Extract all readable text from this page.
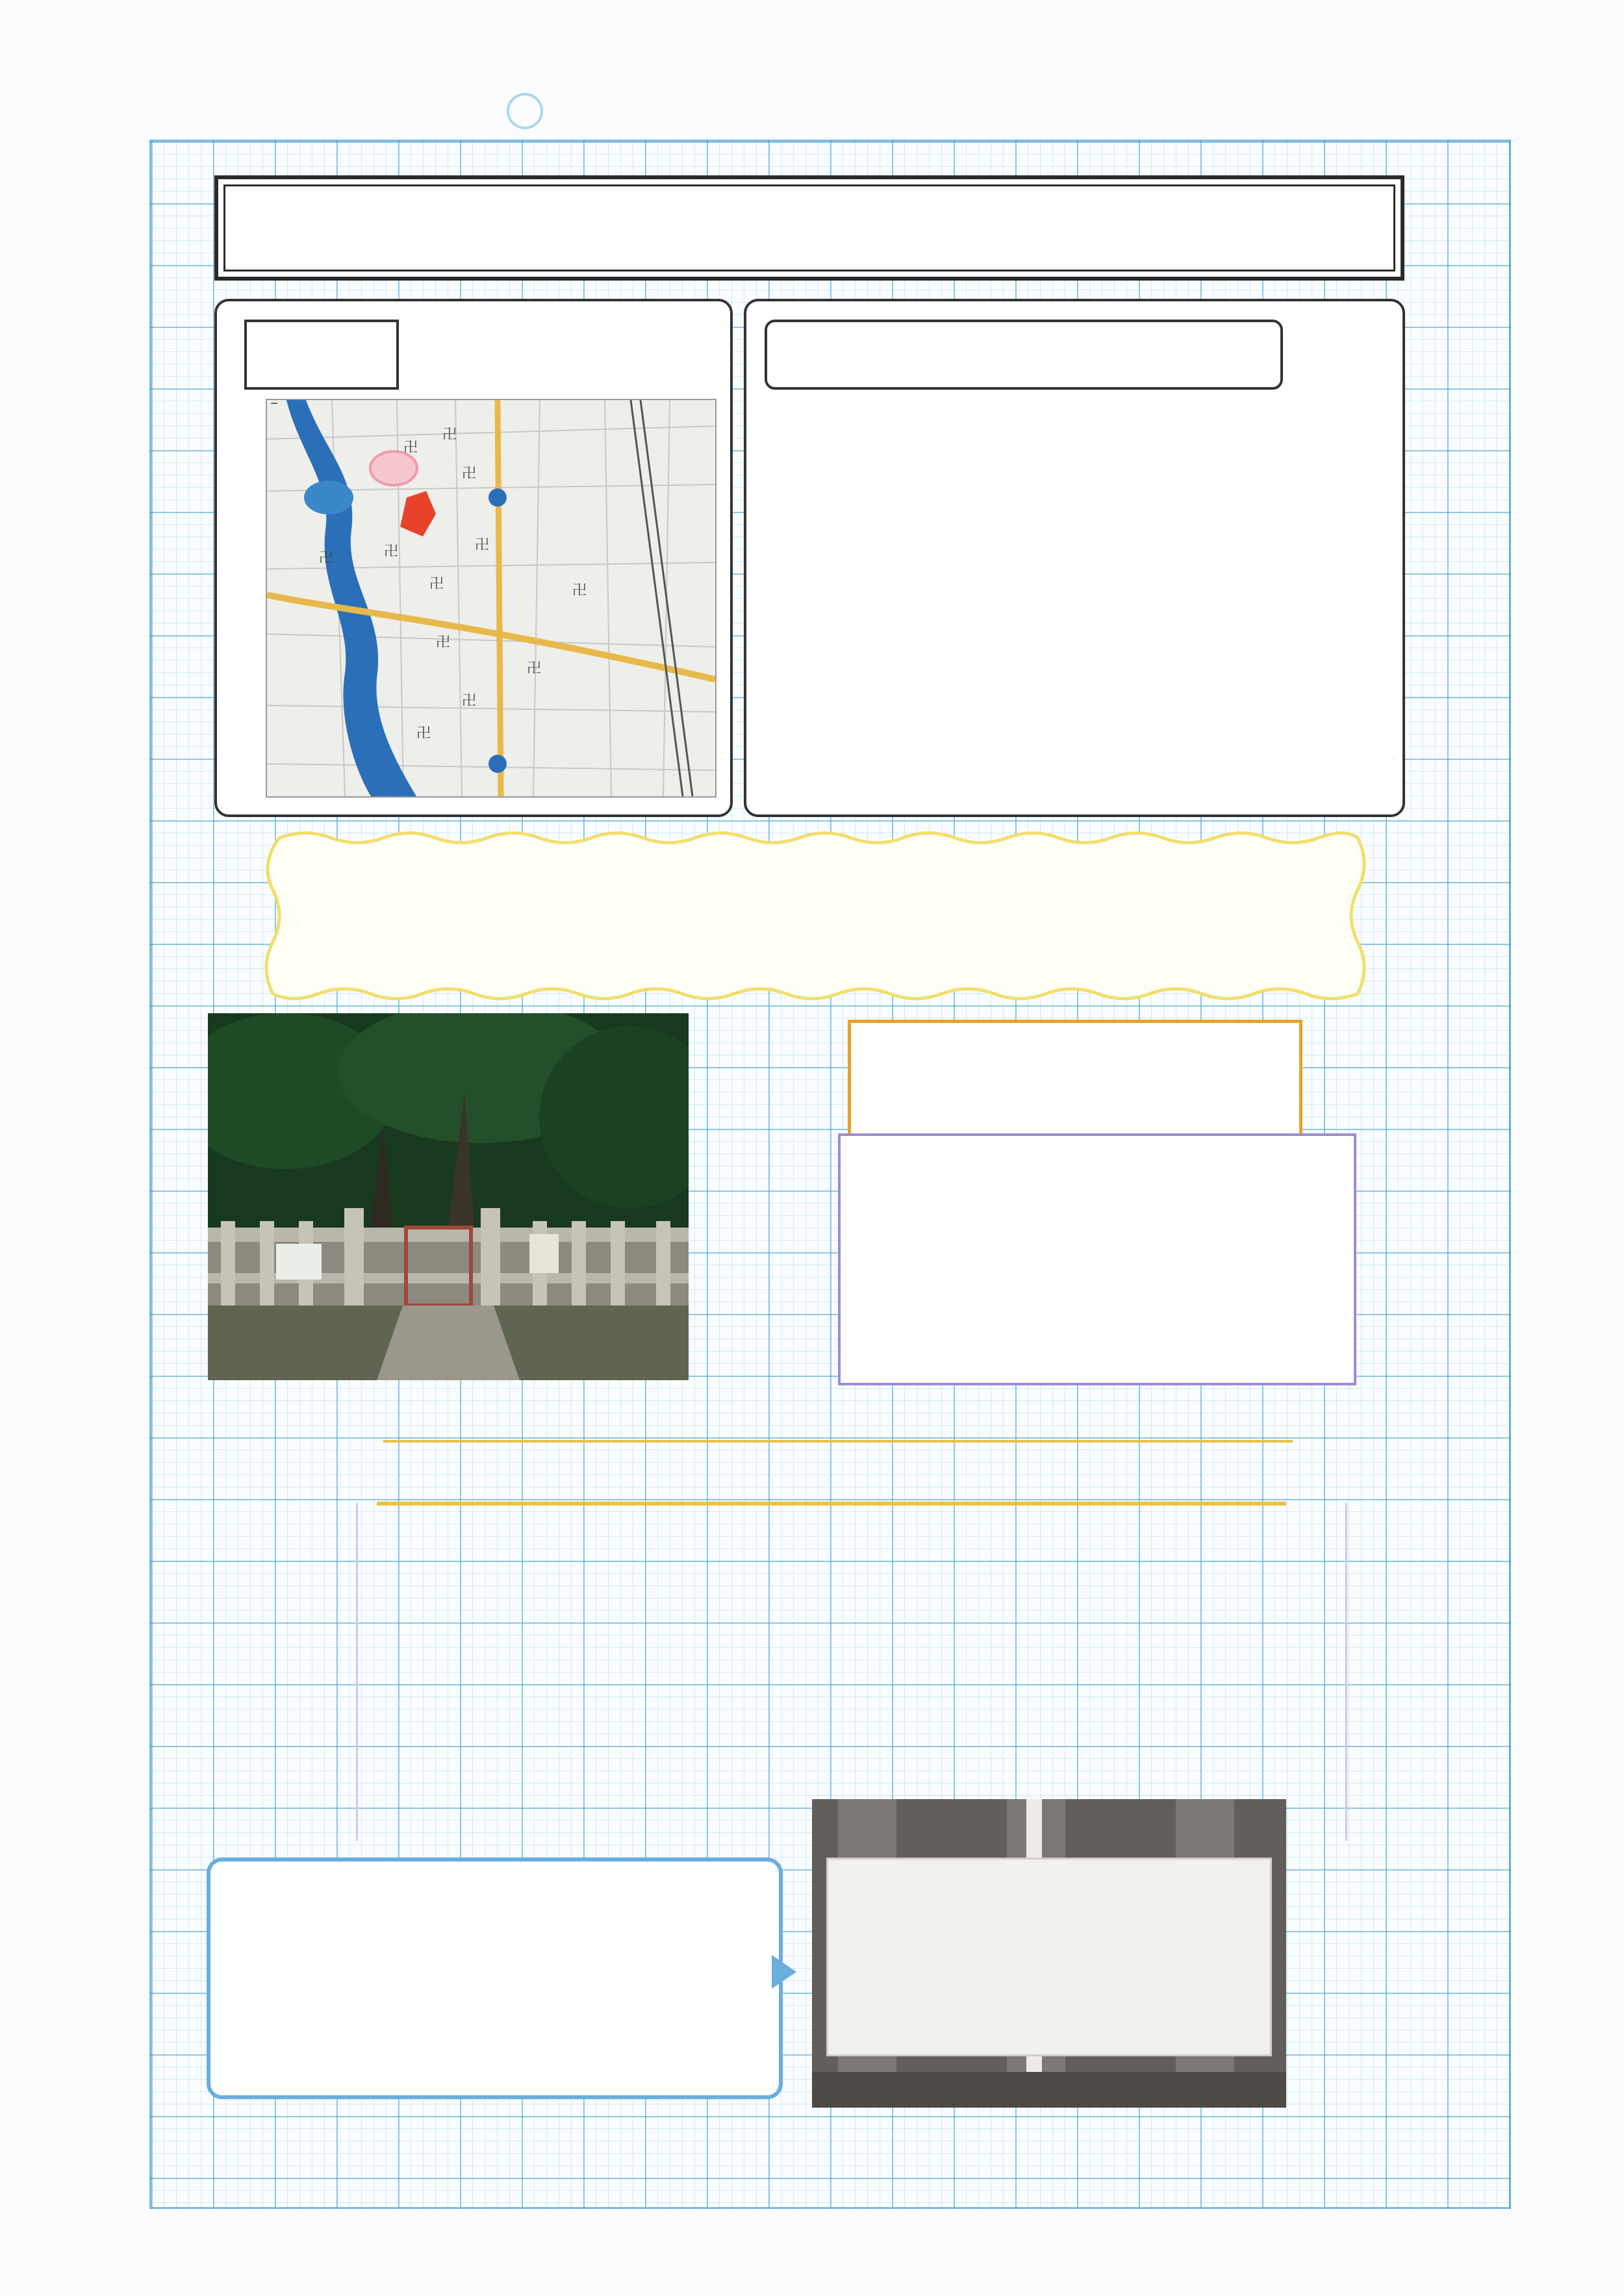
卍
卍
卍
卍
卍
卍
卍
卍
卍
卍
卍
卍
